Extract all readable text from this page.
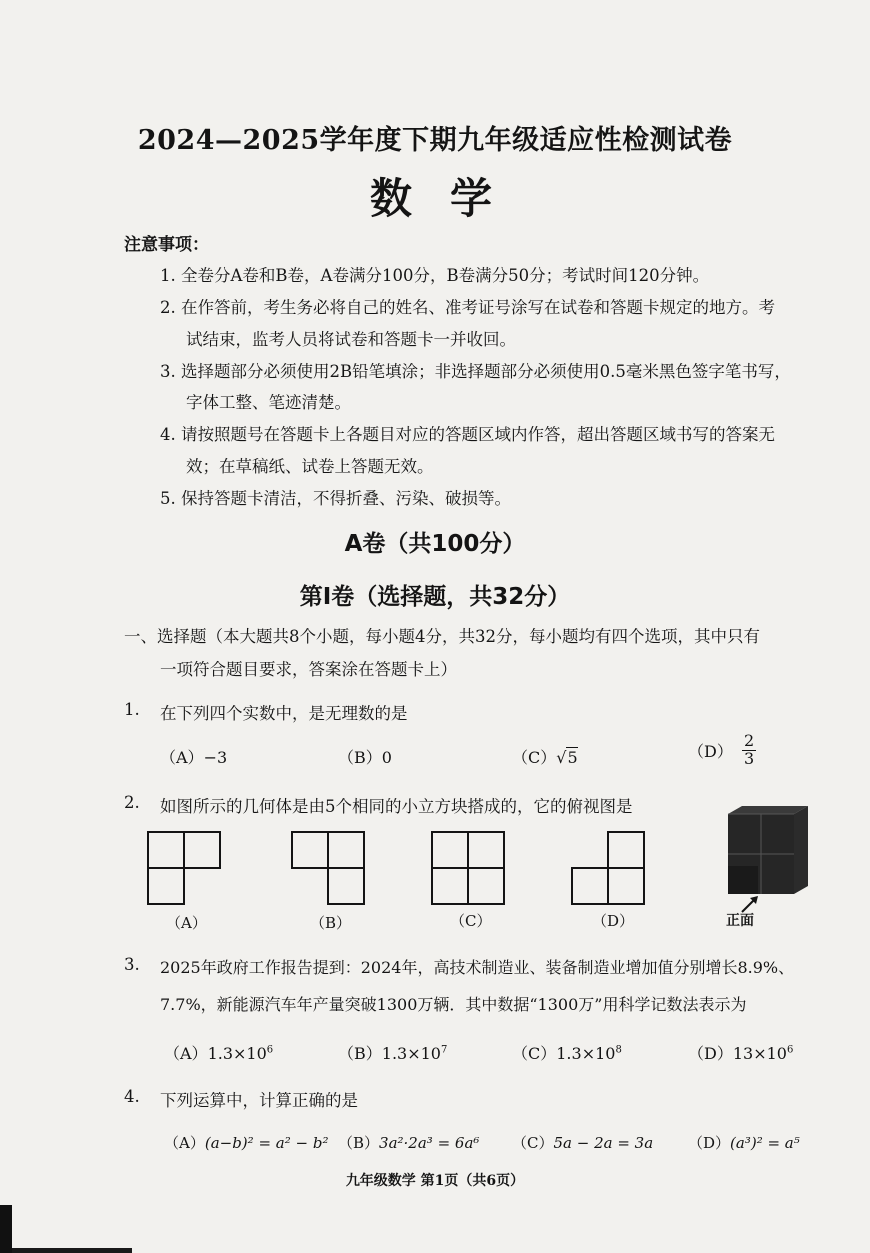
2024—2025学年度下期九年级适应性检测试卷
数学
注意事项：
1. 全卷分A卷和B卷，A卷满分100分，B卷满分50分；考试时间120分钟。
2. 在作答前，考生务必将自己的姓名、准考证号涂写在试卷和答题卡规定的地方。考
试结束，监考人员将试卷和答题卡一并收回。
3. 选择题部分必须使用2B铅笔填涂；非选择题部分必须使用0.5毫米黑色签字笔书写，
字体工整、笔迹清楚。
4. 请按照题号在答题卡上各题目对应的答题区域内作答，超出答题区域书写的答案无
效；在草稿纸、试卷上答题无效。
5. 保持答题卡清洁，不得折叠、污染、破损等。
A卷（共100分）
第Ⅰ卷（选择题，共32分）
一、选择题（本大题共8个小题，每小题4分，共32分，每小题均有四个选项，其中只有
一项符合题目要求，答案涂在答题卡上）
1. 在下列四个实数中，是无理数的是
（A）−3	（B）0	（C）√5	$(D) \frac{2}{3}$
2. 如图所示的几何体是由5个相同的小立方块搭成的，它的俯视图是
正面
（A）	（B）	（C）	（D）
3. 2025年政府工作报告提到：2024年，高技术制造业、装备制造业增加值分别增长8.9%、
7.7%，新能源汽车年产量突破1300万辆．其中数据“1300万”用科学记数法表示为
$(A)1.3\times 10^6$	$(B)1.3\times 10^7$	$(C)1.3\times 10^8$	$(D)13\times 10^6$
4. 下列运算中，计算正确的是
（A）(a−b)² = a² − b² （B）3a²·2a³ = 6a⁶ （C）5a − 2a = 3a （D）(a³)² = a⁵
九年级数学 第1页（共6页）
